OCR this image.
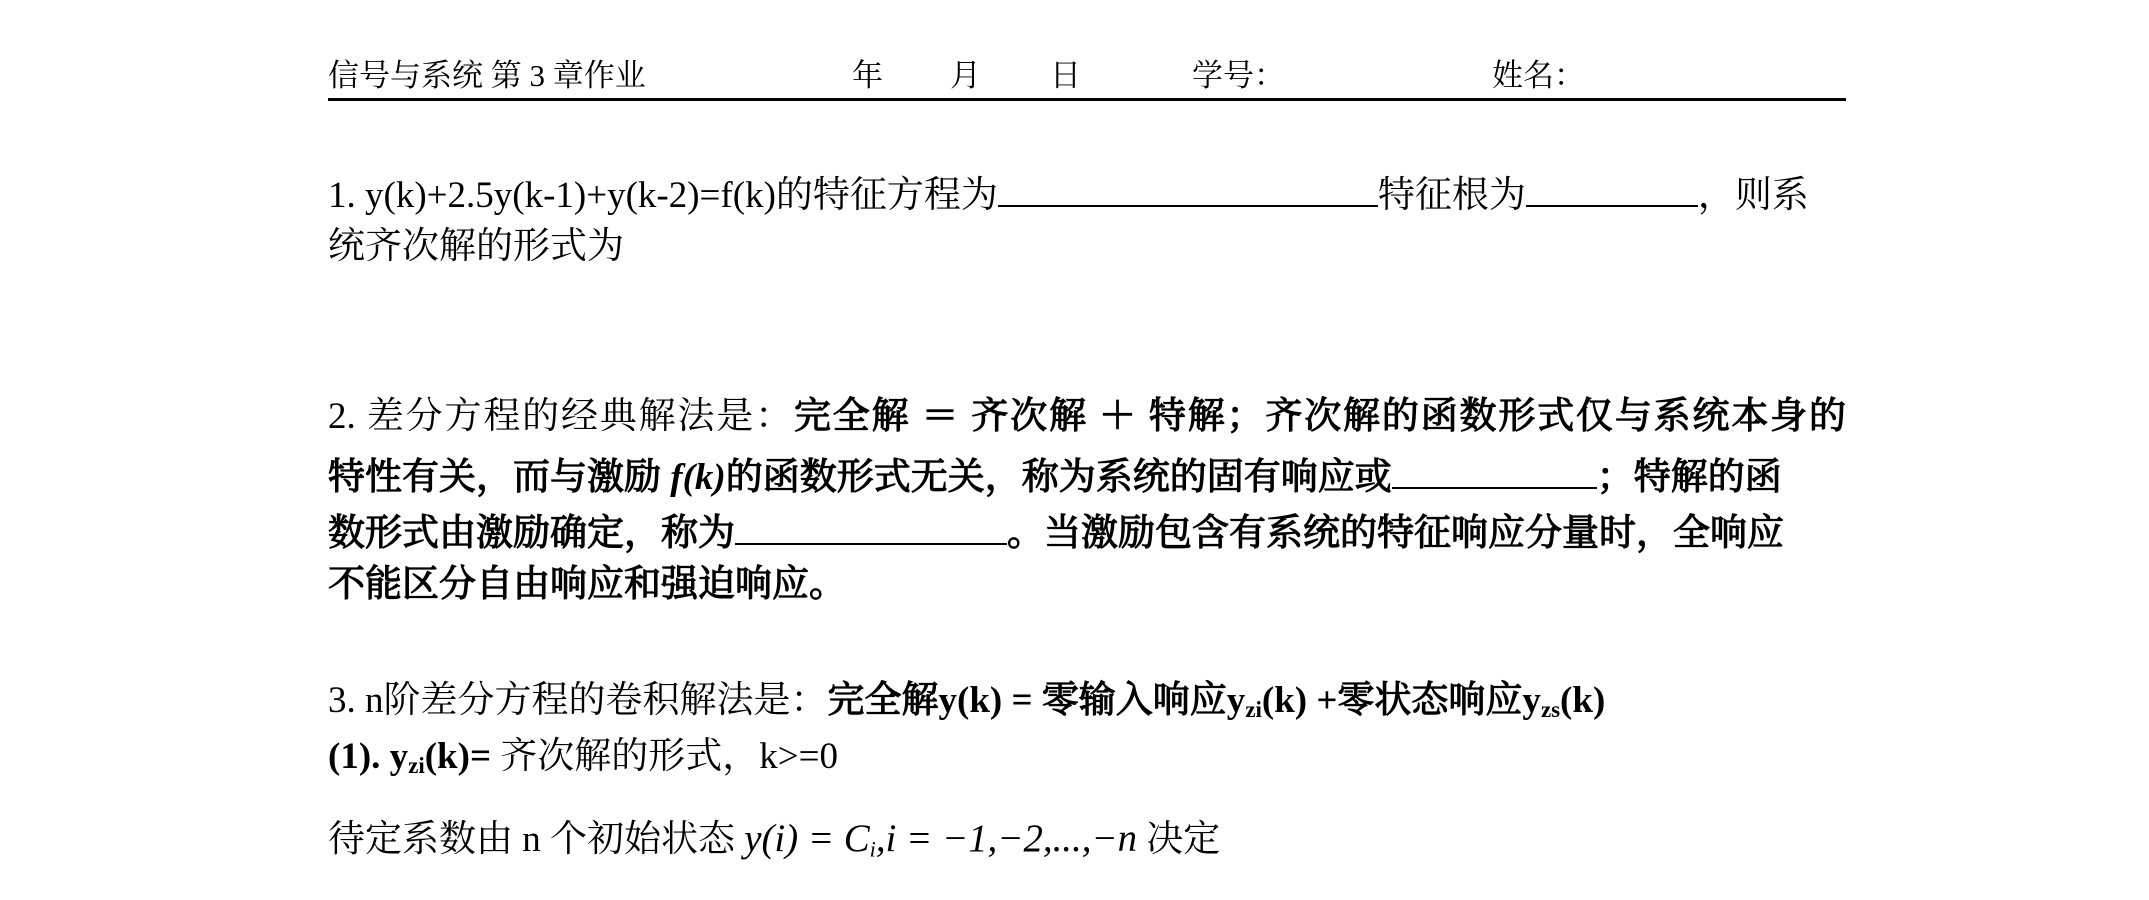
信号与系统 第 3 章作业	年 月 日	学号：	姓名：
1. y(k)+2.5y(k-1)+y(k-2)=f(k)的特征方程为	特征根为	，则系
统齐次解的形式为
2. 差分方程的经典解法是：完全解 ＝ 齐次解 ＋ 特解；齐次解的函数形式仅与系统本身的
特性有关，而与激励 f(k)的函数形式无关，称为系统的固有响应或	；特解的函
数形式由激励确定，称为	。当激励包含有系统的特征响应分量时，全响应
不能区分自由响应和强迫响应。
3. n阶差分方程的卷积解法是：完全解y(k) = 零输入响应$y_{zi}(k)$ +零状态响应$y_{zs}(k)$
(1). $y_{zi}(k)=$ 齐次解的形式，k>=0
待定系数由 n 个初始状态 y(i) = Ci,i = −1,−2,...,−n 决定
